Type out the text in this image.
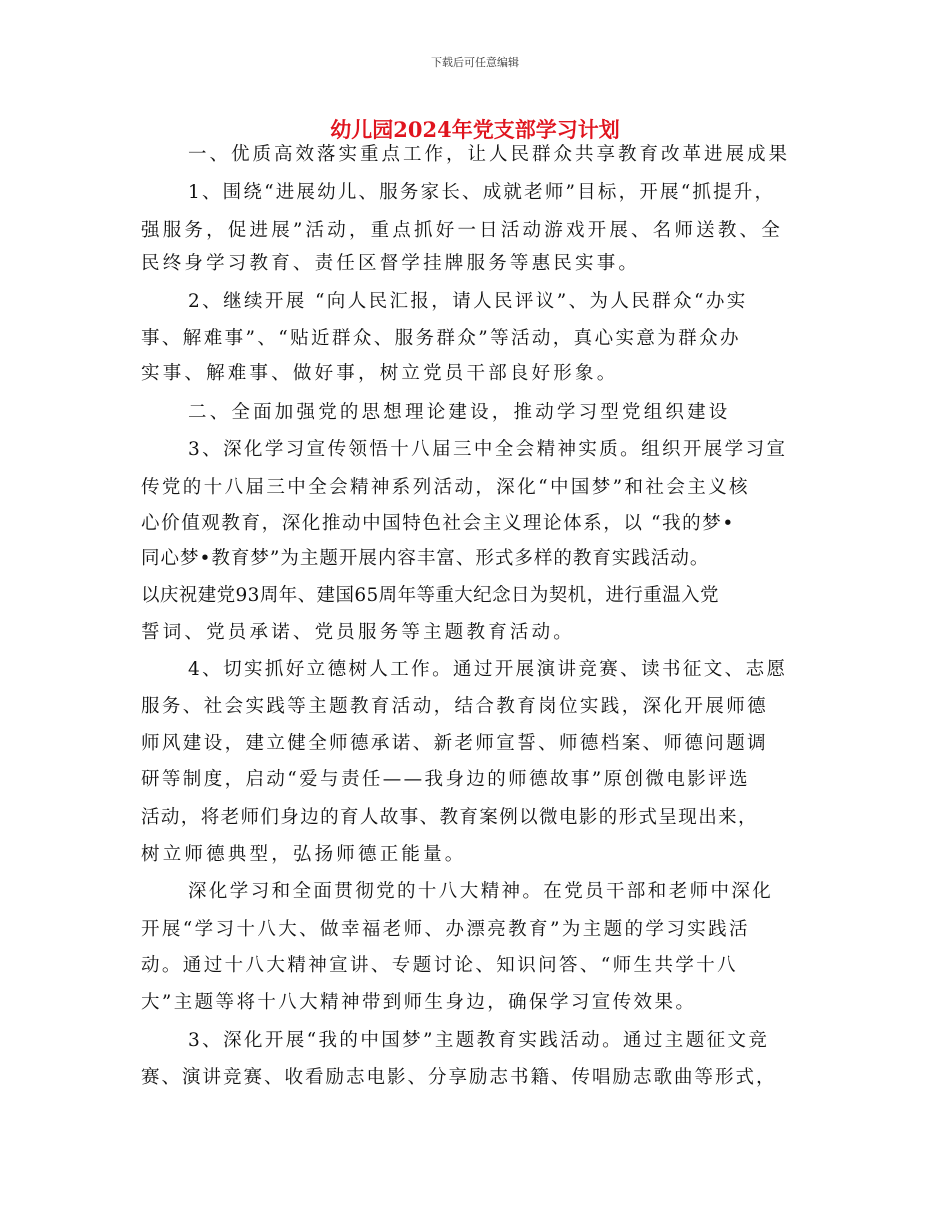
下载后可任意编辑
幼儿园2024年党支部学习计划
一、优质高效落实重点工作，让人民群众共享教育改革进展成果
1、围绕“进展幼儿、服务家长、成就老师”目标，开展“抓提升，
强服务，促进展”活动，重点抓好一日活动游戏开展、名师送教、全
民终身学习教育、责任区督学挂牌服务等惠民实事。
2、继续开展 “向人民汇报，请人民评议”、为人民群众“办实
事、解难事”、“贴近群众、服务群众”等活动，真心实意为群众办
实事、解难事、做好事，树立党员干部良好形象。
二、全面加强党的思想理论建设，推动学习型党组织建设
3、深化学习宣传领悟十八届三中全会精神实质。组织开展学习宣
传党的十八届三中全会精神系列活动，深化“中国梦”和社会主义核
心价值观教育，深化推动中国特色社会主义理论体系，以 “我的梦•
同心梦•教育梦”为主题开展内容丰富、形式多样的教育实践活动。
以庆祝建党93周年、建国65周年等重大纪念日为契机，进行重温入党
誓词、党员承诺、党员服务等主题教育活动。
4、切实抓好立德树人工作。通过开展演讲竞赛、读书征文、志愿
服务、社会实践等主题教育活动，结合教育岗位实践，深化开展师德
师风建设，建立健全师德承诺、新老师宣誓、师德档案、师德问题调
研等制度，启动“爱与责任——我身边的师德故事”原创微电影评选
活动，将老师们身边的育人故事、教育案例以微电影的形式呈现出来，
树立师德典型，弘扬师德正能量。
深化学习和全面贯彻党的十八大精神。在党员干部和老师中深化
开展“学习十八大、做幸福老师、办漂亮教育”为主题的学习实践活
动。通过十八大精神宣讲、专题讨论、知识问答、“师生共学十八
大”主题等将十八大精神带到师生身边，确保学习宣传效果。
3、深化开展“我的中国梦”主题教育实践活动。通过主题征文竞
赛、演讲竞赛、收看励志电影、分享励志书籍、传唱励志歌曲等形式，
